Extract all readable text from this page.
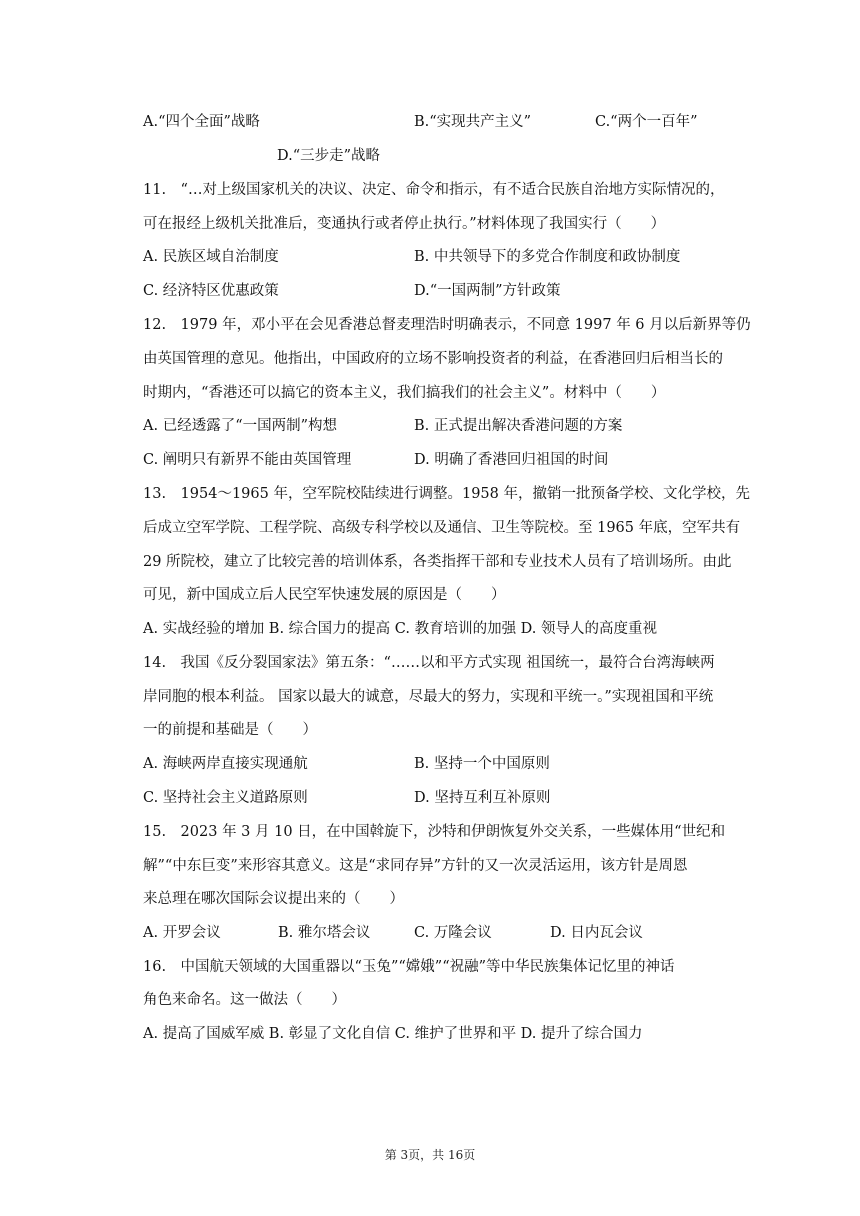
A.“四个全面”战略	B.“实现共产主义”	C.“两个一百年”
D.“三步走”战略
11.　“…对上级国家机关的决议、决定、命令和指示，有不适合民族自治地方实际情况的，
可在报经上级机关批准后，变通执行或者停止执行。”材料体现了我国实行（　　）
A. 民族区域自治制度	B. 中共领导下的多党合作制度和政协制度
C. 经济特区优惠政策	D.“一国两制”方针政策
12.　1979 年，邓小平在会见香港总督麦理浩时明确表示，不同意 1997 年 6 月以后新界等仍
由英国管理的意见。他指出，中国政府的立场不影响投资者的利益，在香港回归后相当长的
时期内，“香港还可以搞它的资本主义，我们搞我们的社会主义”。材料中（　　）
A. 已经透露了“一国两制”构想	B. 正式提出解决香港问题的方案
C. 阐明只有新界不能由英国管理	D. 明确了香港回归祖国的时间
13.　1954～1965 年，空军院校陆续进行调整。1958 年，撤销一批预备学校、文化学校，先
后成立空军学院、工程学院、高级专科学校以及通信、卫生等院校。至 1965 年底，空军共有
29 所院校，建立了比较完善的培训体系，各类指挥干部和专业技术人员有了培训场所。由此
可见，新中国成立后人民空军快速发展的原因是（　　）
A. 实战经验的增加 B. 综合国力的提高 C. 教育培训的加强 D. 领导人的高度重视
14.　我国《反分裂国家法》第五条：“……以和平方式实现 祖国统一，最符合台湾海峡两
岸同胞的根本利益。 国家以最大的诚意，尽最大的努力，实现和平统一。”实现祖国和平统
一的前提和基础是（　　）
A. 海峡两岸直接实现通航	B. 坚持一个中国原则
C. 坚持社会主义道路原则	D. 坚持互利互补原则
15.　2023 年 3 月 10 日，在中国斡旋下，沙特和伊朗恢复外交关系，一些媒体用“世纪和
解”“中东巨变”来形容其意义。这是“求同存异”方针的又一次灵活运用，该方针是周恩
来总理在哪次国际会议提出来的（　　）
A. 开罗会议	B. 雅尔塔会议	C. 万隆会议	D. 日内瓦会议
16.　中国航天领域的大国重器以“玉兔”“嫦娥”“祝融”等中华民族集体记忆里的神话
角色来命名。这一做法（　　）
A. 提高了国威军威 B. 彰显了文化自信 C. 维护了世界和平 D. 提升了综合国力
第 3页，共 16页
